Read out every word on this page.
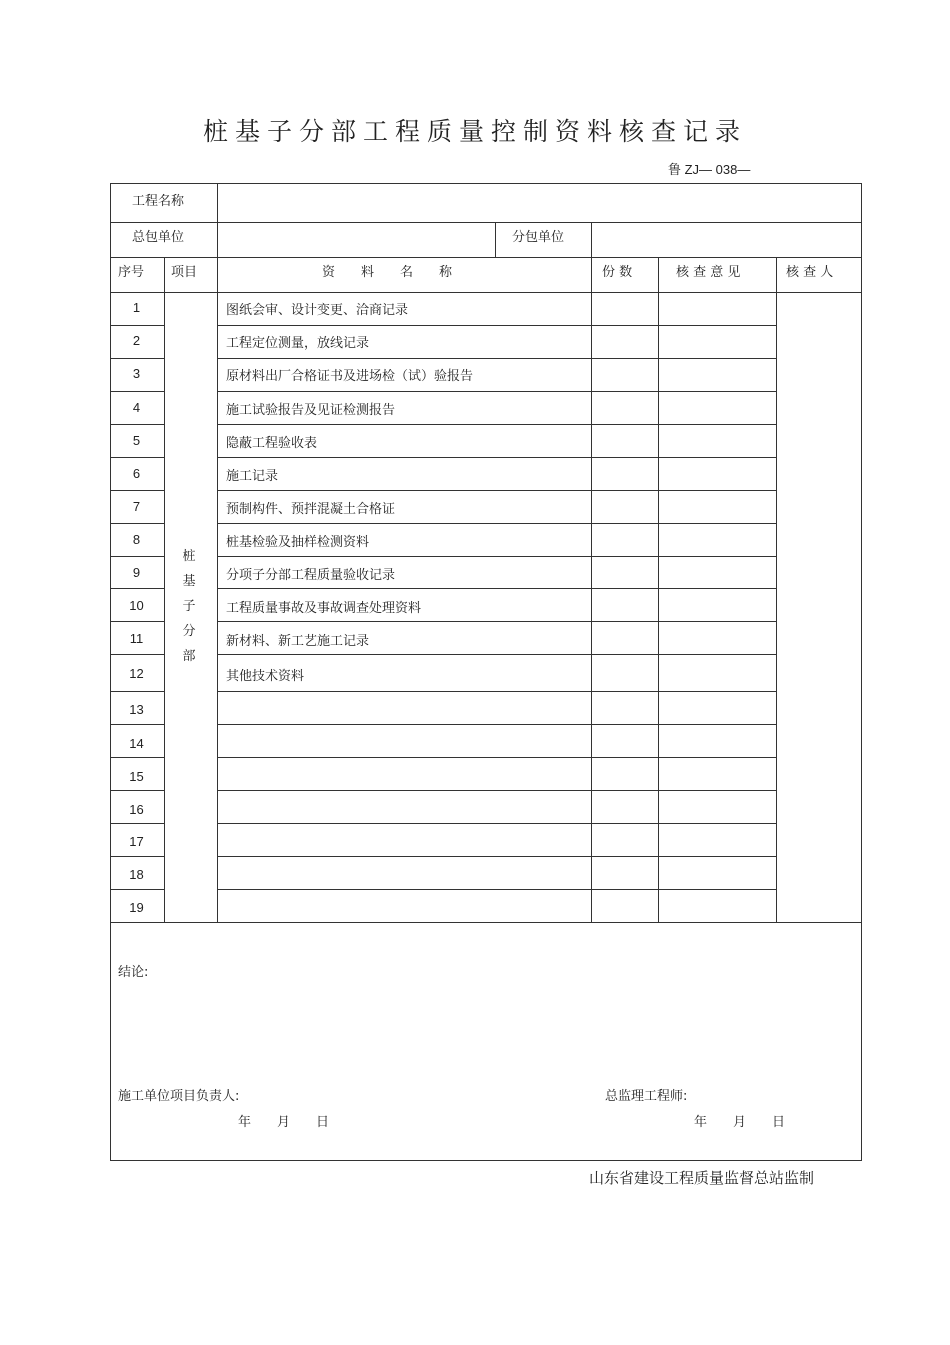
桩基子分部工程质量控制资料核查记录
鲁 ZJ— 038—
工程名称
总包单位	分包单位
序号 项目	资　　料　　名　　称	份 数	核 查 意 见	核 查 人
桩
基
子
分
部
1	图纸会审、设计变更、洽商记录
2	工程定位测量，放线记录
3	原材料出厂合格证书及进场检（试）验报告
4	施工试验报告及见证检测报告
5	隐蔽工程验收表
6	施工记录
7	预制构件、预拌混凝土合格证
8	桩基检验及抽样检测资料
9	分项子分部工程质量验收记录
10	工程质量事故及事故调查处理资料
11	新材料、新工艺施工记录
12	其他技术资料
13
14
15
16
17
18
19
结论:
施工单位项目负责人:	总监理工程师:
年　　月　　日	年　　月　　日
山东省建设工程质量监督总站监制
